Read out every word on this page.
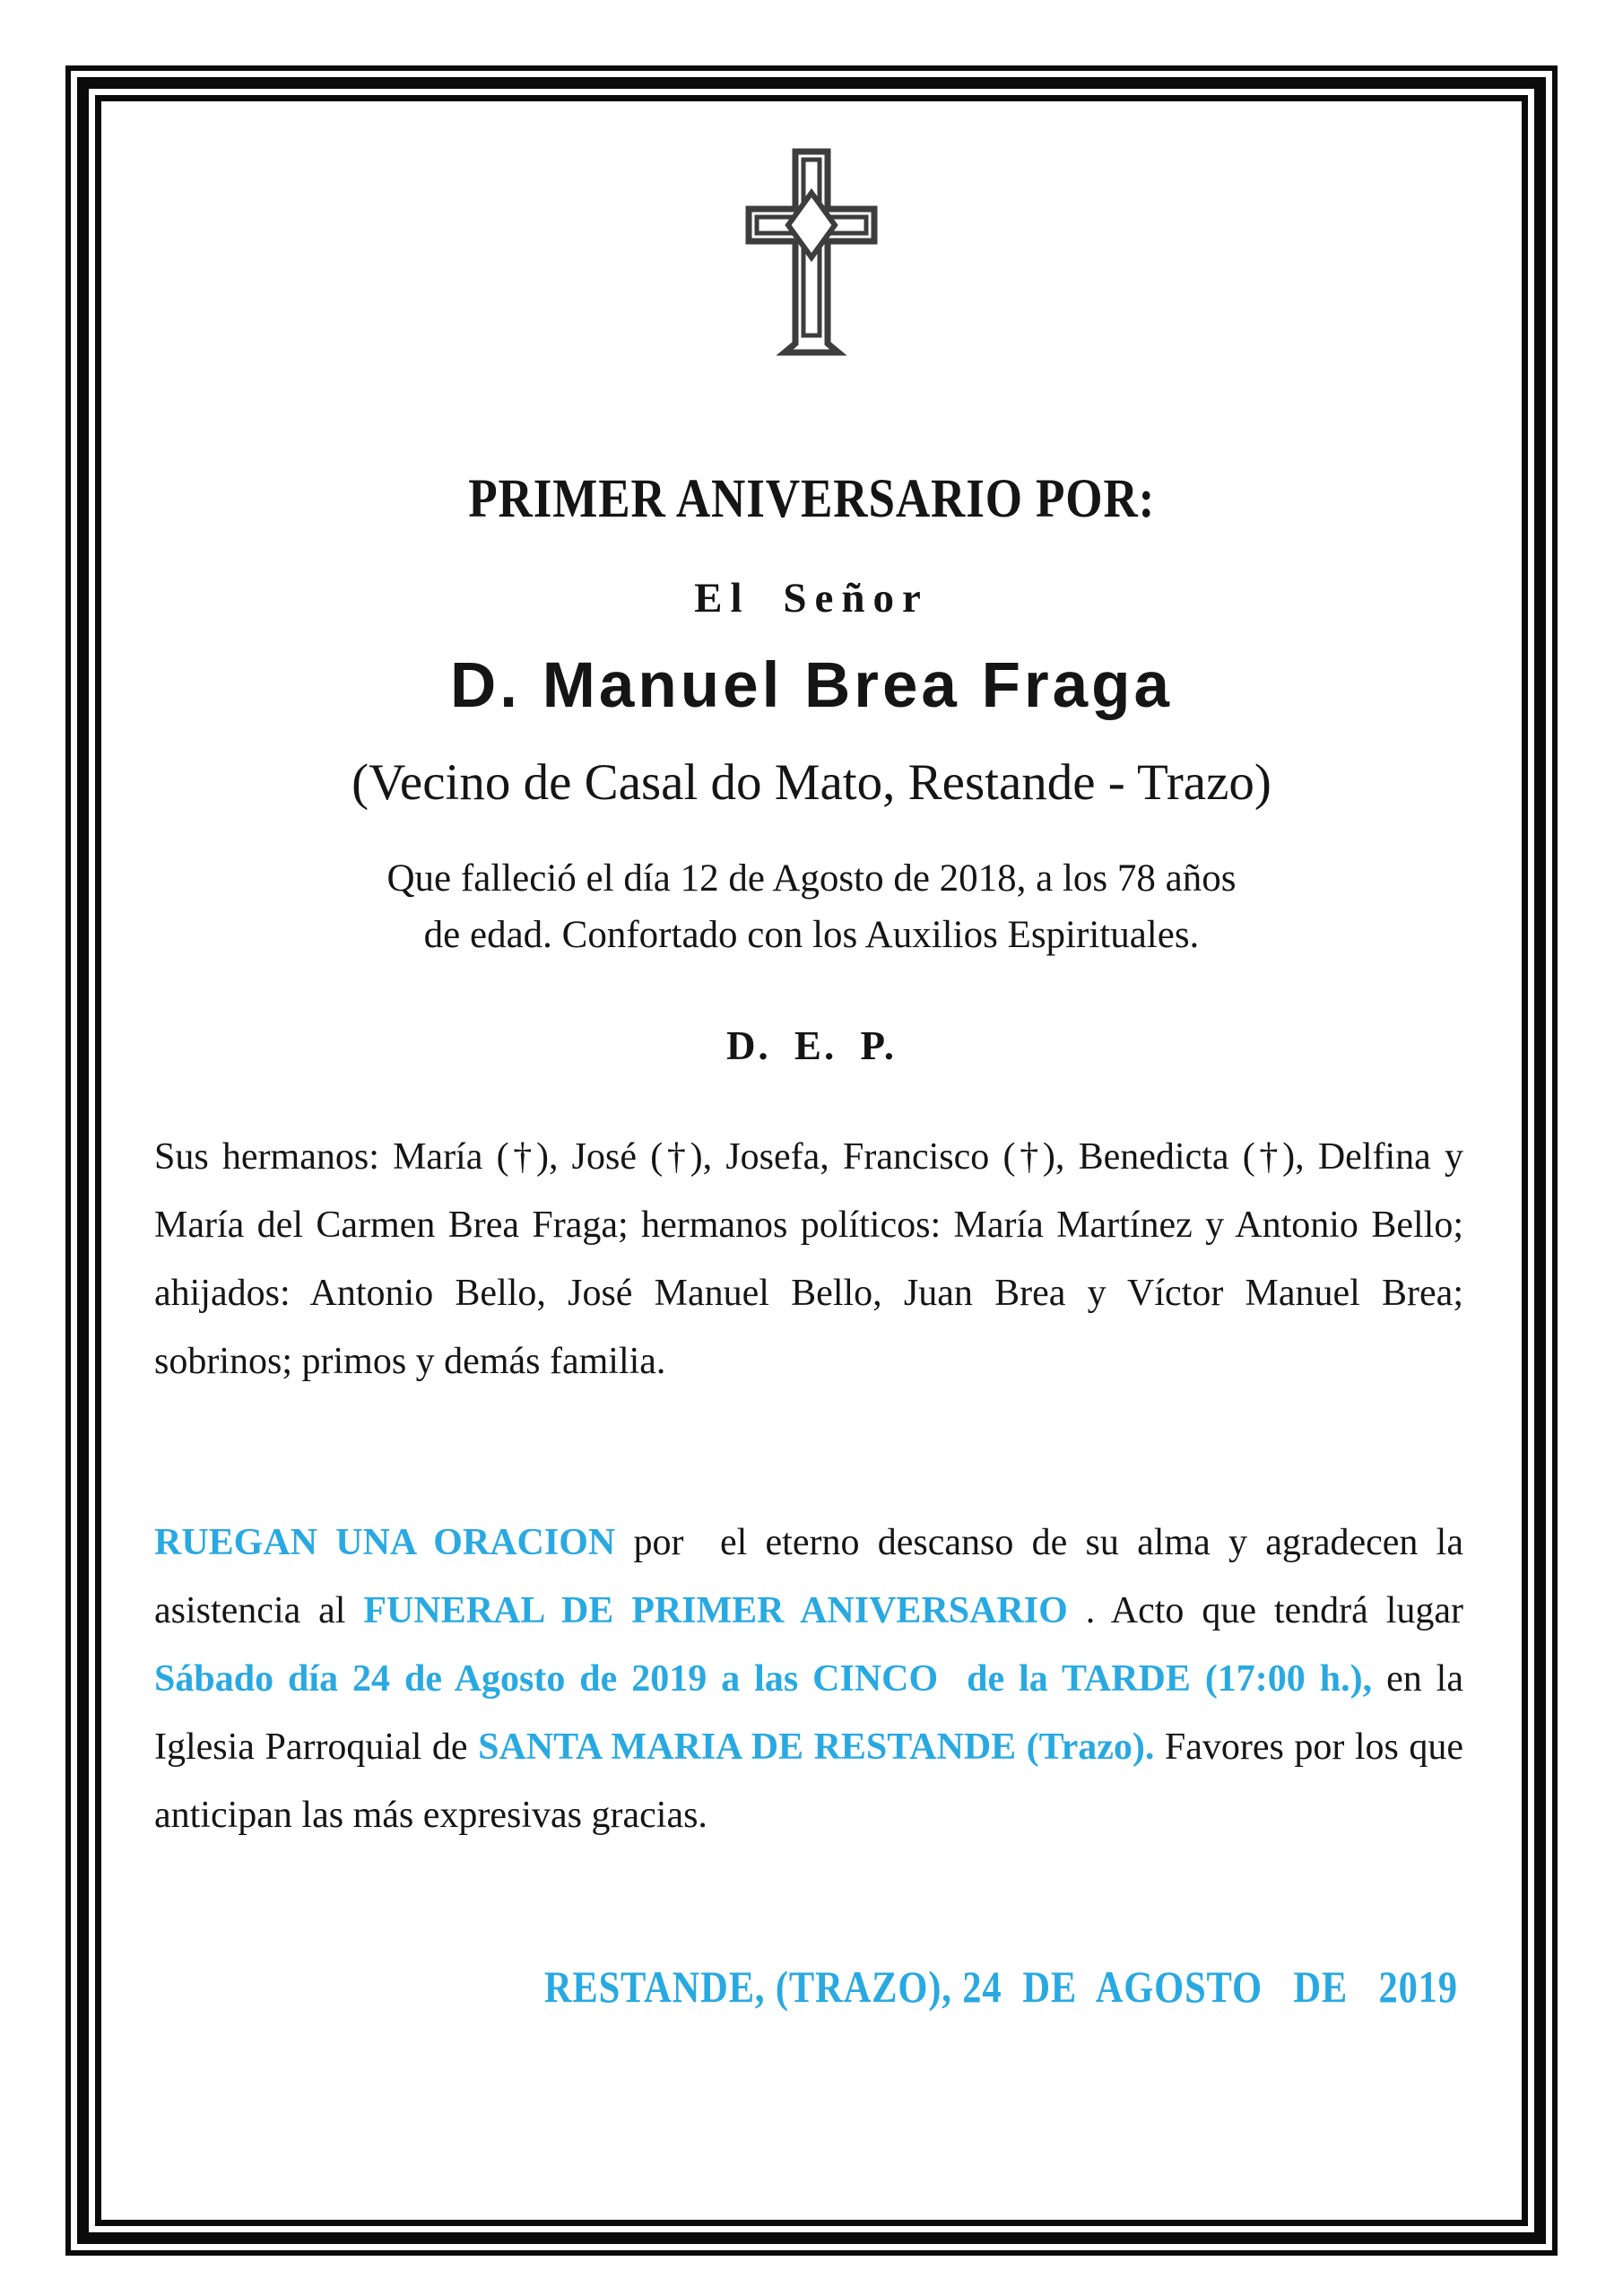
PRIMER ANIVERSARIO POR:
El Señor
D. Manuel Brea Fraga
(Vecino de Casal do Mato, Restande - Trazo)
Que falleció el día 12 de Agosto de 2018, a los 78 años
de edad. Confortado con los Auxilios Espirituales.
D. E. P.

Sus hermanos: María (†), José (†), Josefa, Francisco (†), Benedicta (†), Delfina y María del Carmen Brea Fraga; hermanos políticos: María Martínez y Antonio Bello; ahijados: Antonio Bello, José Manuel Bello, Juan Brea y Víctor Manuel Brea; sobrinos; primos y demás familia.

RUEGAN UNA ORACION por  el eterno descanso de su alma y agradecen la asistencia al FUNERAL DE PRIMER ANIVERSARIO . Acto que tendrá lugar Sábado día 24 de Agosto de 2019 a las CINCO  de la TARDE (17:00 h.), en la Iglesia Parroquial de SANTA MARIA DE RESTANDE (Trazo). Favores por los que anticipan las más expresivas gracias.

RESTANDE, (TRAZO), 24  DE  AGOSTO   DE   2019
